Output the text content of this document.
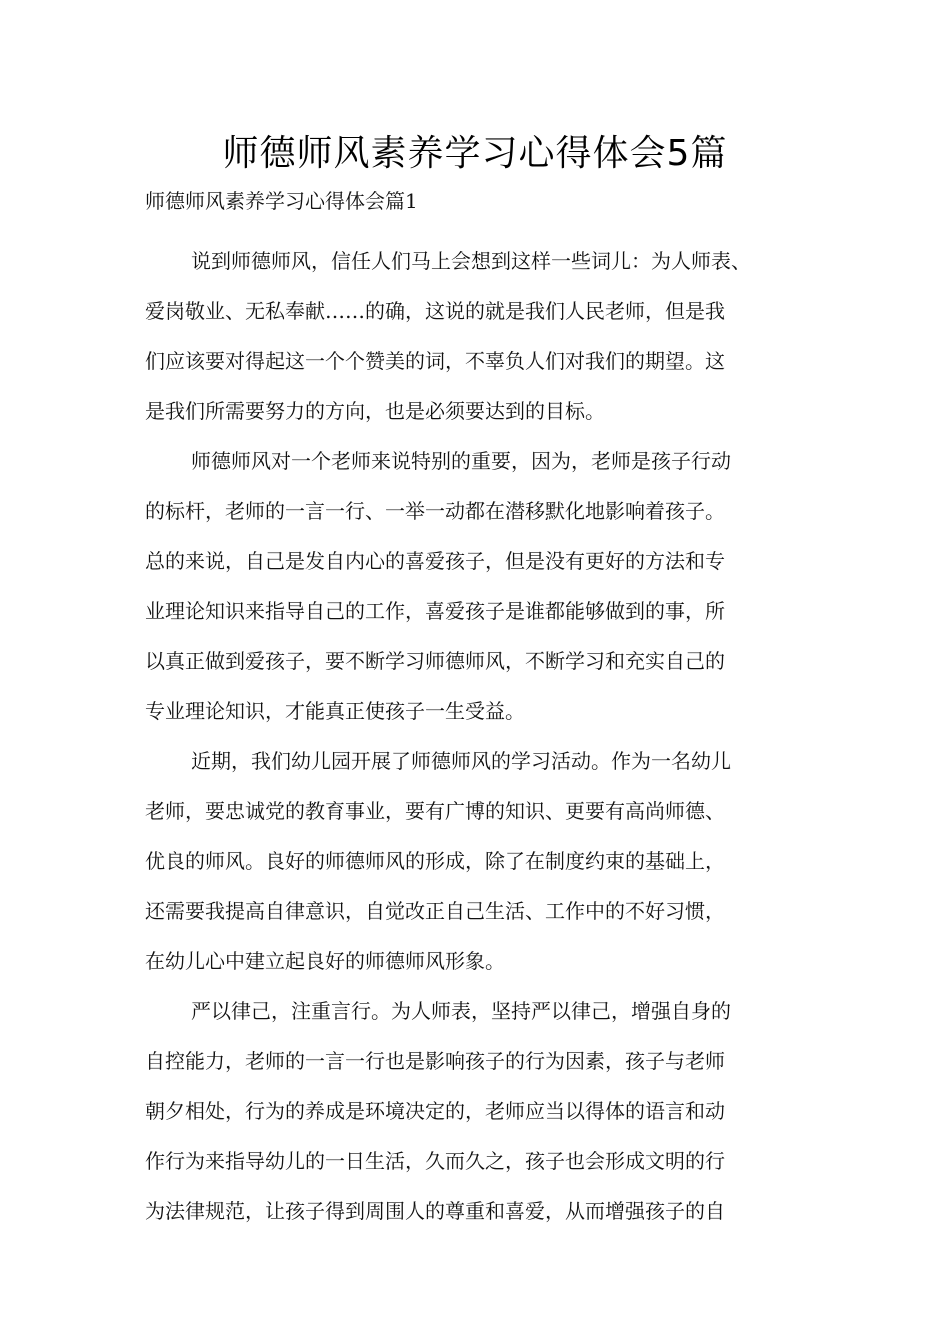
师德师风素养学习心得体会5篇

师德师风素养学习心得体会篇1

说到师德师风，信任人们马上会想到这样一些词儿：为人师表、
爱岗敬业、无私奉献……的确，这说的就是我们人民老师，但是我
们应该要对得起这一个个赞美的词，不辜负人们对我们的期望。这
是我们所需要努力的方向，也是必须要达到的目标。
师德师风对一个老师来说特别的重要，因为，老师是孩子行动
的标杆，老师的一言一行、一举一动都在潜移默化地影响着孩子。
总的来说，自己是发自内心的喜爱孩子，但是没有更好的方法和专
业理论知识来指导自己的工作，喜爱孩子是谁都能够做到的事，所
以真正做到爱孩子，要不断学习师德师风，不断学习和充实自己的
专业理论知识，才能真正使孩子一生受益。
近期，我们幼儿园开展了师德师风的学习活动。作为一名幼儿
老师，要忠诚党的教育事业，要有广博的知识、更要有高尚师德、
优良的师风。良好的师德师风的形成，除了在制度约束的基础上，
还需要我提高自律意识，自觉改正自己生活、工作中的不好习惯，
在幼儿心中建立起良好的师德师风形象。
严以律己，注重言行。为人师表，坚持严以律己，增强自身的
自控能力，老师的一言一行也是影响孩子的行为因素，孩子与老师
朝夕相处，行为的养成是环境决定的，老师应当以得体的语言和动
作行为来指导幼儿的一日生活，久而久之，孩子也会形成文明的行
为法律规范，让孩子得到周围人的尊重和喜爱，从而增强孩子的自
